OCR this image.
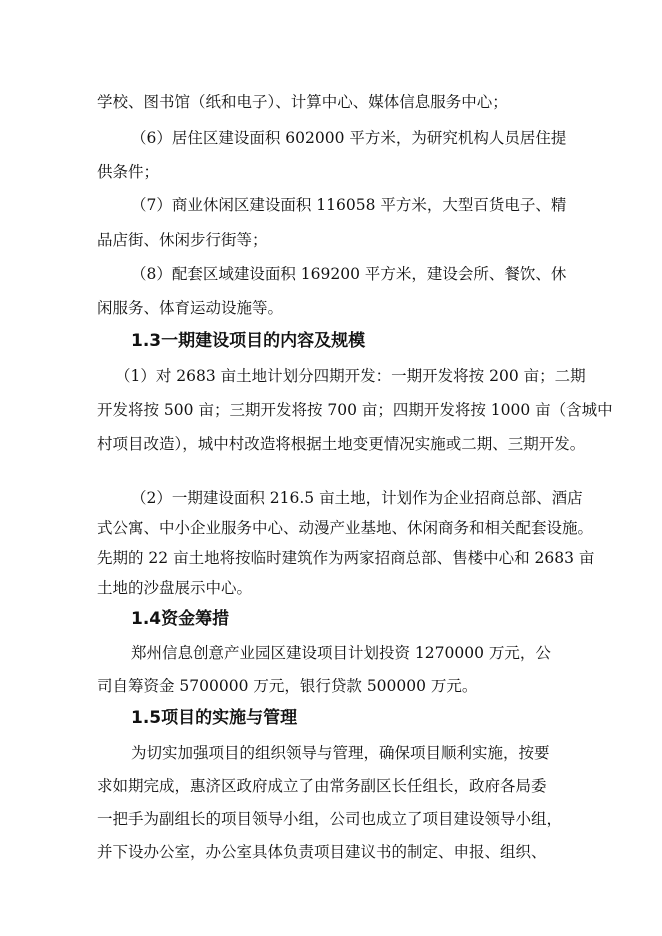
学校、图书馆（纸和电子）、计算中心、媒体信息服务中心；
（6）居住区建设面积 602000 平方米，为研究机构人员居住提
供条件；
（7）商业休闲区建设面积 116058 平方米，大型百货电子、精
品店街、休闲步行街等；
（8）配套区域建设面积 169200 平方米，建设会所、餐饮、休
闲服务、体育运动设施等。
1.3一期建设项目的内容及规模
（1）对 2683 亩土地计划分四期开发：一期开发将按 200 亩；二期
开发将按 500 亩；三期开发将按 700 亩；四期开发将按 1000 亩（含城中
村项目改造），城中村改造将根据土地变更情况实施或二期、三期开发。
（2）一期建设面积 216.5 亩土地，计划作为企业招商总部、酒店
式公寓、中小企业服务中心、动漫产业基地、休闲商务和相关配套设施。
先期的 22 亩土地将按临时建筑作为两家招商总部、售楼中心和 2683 亩
土地的沙盘展示中心。
1.4资金筹措
郑州信息创意产业园区建设项目计划投资 1270000 万元，公
司自筹资金 5700000 万元，银行贷款 500000 万元。
1.5项目的实施与管理
为切实加强项目的组织领导与管理，确保项目顺利实施，按要
求如期完成，惠济区政府成立了由常务副区长任组长，政府各局委
一把手为副组长的项目领导小组，公司也成立了项目建设领导小组，
并下设办公室，办公室具体负责项目建议书的制定、申报、组织、
